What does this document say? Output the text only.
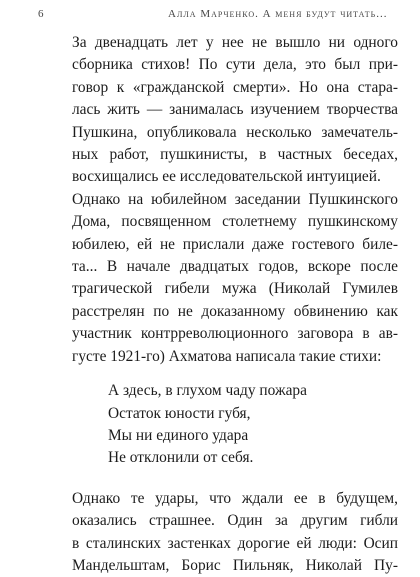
6	Алла Марченко. А меня будут читать...
За двенадцать лет у нее не вышло ни одного
сборника стихов! По сути дела, это был при-
говор к «гражданской смерти». Но она стара-
лась жить — занималась изучением творчества
Пушкина, опубликовала несколько замечатель-
ных работ, пушкинисты, в частных беседах,
восхищались ее исследовательской интуицией.
Однако на юбилейном заседании Пушкинского
Дома, посвященном столетнему пушкинскому
юбилею, ей не прислали даже гостевого биле-
та... В начале двадцатых годов, вскоре после
трагической гибели мужа (Николай Гумилев
расстрелян по не доказанному обвинению как
участник контрреволюционного заговора в ав-
густе 1921-го) Ахматова написала такие стихи:
А здесь, в глухом чаду пожара
Остаток юности губя,
Мы ни единого удара
Не отклонили от себя.
Однако те удары, что ждали ее в будущем,
оказались страшнее. Один за другим гибли
в сталинских застенках дорогие ей люди: Осип
Мандельштам, Борис Пильняк, Николай Пу-
